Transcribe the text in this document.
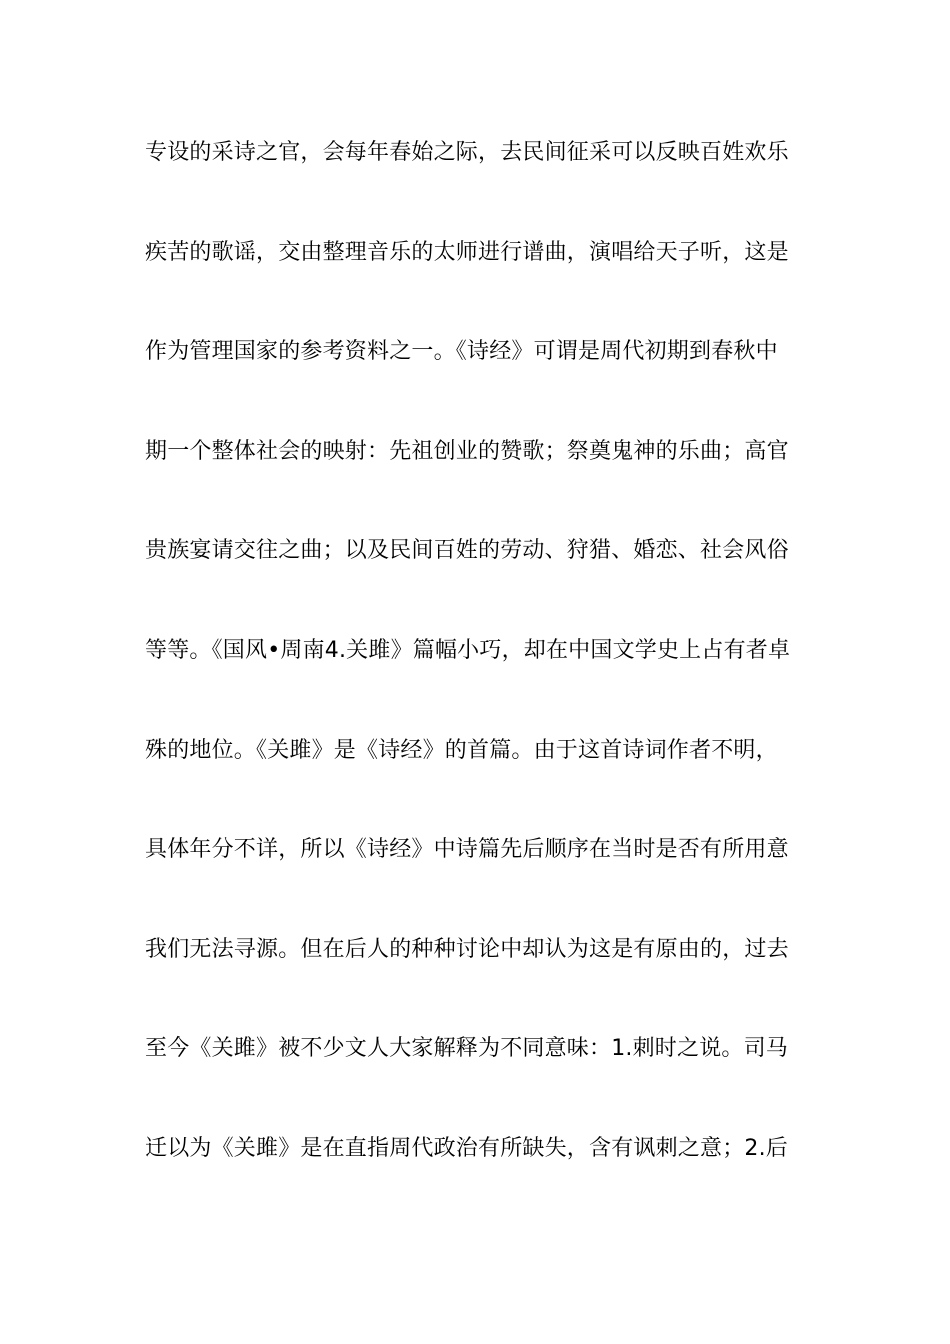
专设的采诗之官，会每年春始之际，去民间征采可以反映百姓欢乐
疾苦的歌谣，交由整理音乐的太师进行谱曲，演唱给天子听，这是
作为管理国家的参考资料之一。《诗经》可谓是周代初期到春秋中
期一个整体社会的映射：先祖创业的赞歌；祭奠鬼神的乐曲；高官
贵族宴请交往之曲；以及民间百姓的劳动、狩猎、婚恋、社会风俗
等等。《国风•周南4.关雎》篇幅小巧，却在中国文学史上占有者卓
殊的地位。《关雎》是《诗经》的首篇。由于这首诗词作者不明，
具体年分不详，所以《诗经》中诗篇先后顺序在当时是否有所用意
我们无法寻源。但在后人的种种讨论中却认为这是有原由的，过去
至今《关雎》被不少文人大家解释为不同意味：1.刺时之说。司马
迁以为《关雎》是在直指周代政治有所缺失，含有讽刺之意；2.后
